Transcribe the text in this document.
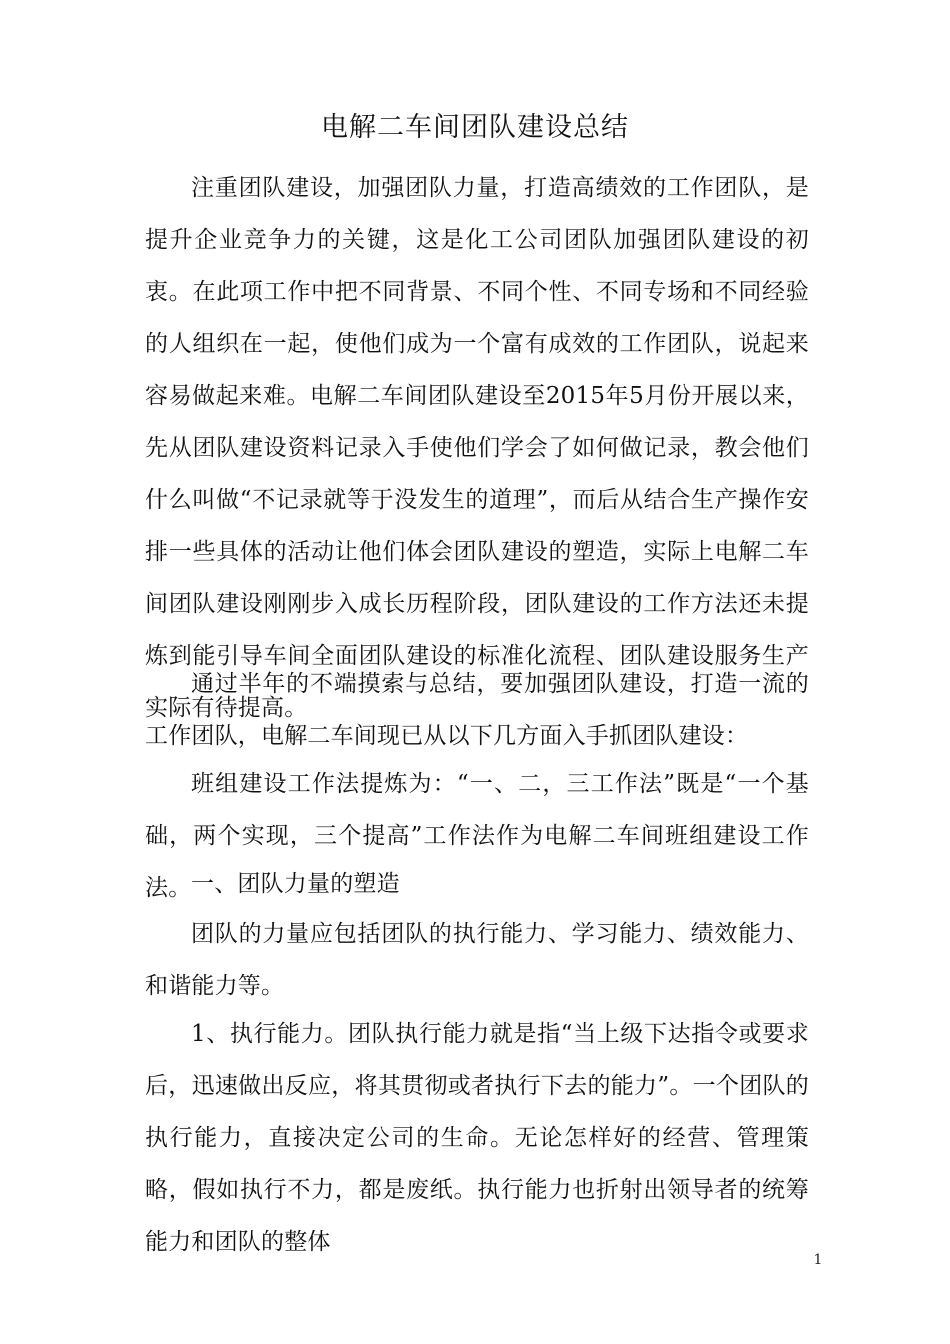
电解二车间团队建设总结

注重团队建设，加强团队力量，打造高绩效的工作团队，是提升企业竞争力的关键，这是化工公司团队加强团队建设的初衷。在此项工作中把不同背景、不同个性、不同专场和不同经验的人组织在一起，使他们成为一个富有成效的工作团队，说起来容易做起来难。电解二车间团队建设至2015年5月份开展以来，先从团队建设资料记录入手使他们学会了如何做记录，教会他们什么叫做“不记录就等于没发生的道理”，而后从结合生产操作安排一些具体的活动让他们体会团队建设的塑造，实际上电解二车间团队建设刚刚步入成长历程阶段，团队建设的工作方法还未提炼到能引导车间全面团队建设的标准化流程、团队建设服务生产实际有待提高。

通过半年的不端摸索与总结，要加强团队建设，打造一流的工作团队，电解二车间现已从以下几方面入手抓团队建设：

班组建设工作法提炼为：“一、二，三工作法”既是“一个基础，两个实现，三个提高”工作法作为电解二车间班组建设工作法。 一、团队力量的塑造

团队的力量应包括团队的执行能力、学习能力、绩效能力、和谐能力等。

1、执行能力。团队执行能力就是指“当上级下达指令或要求后，迅速做出反应，将其贯彻或者执行下去的能力”。一个团队的执行能力，直接决定公司的生命。无论怎样好的经营、管理策略，假如执行不力，都是废纸。执行能力也折射出领导者的统筹能力和团队的整体

1
